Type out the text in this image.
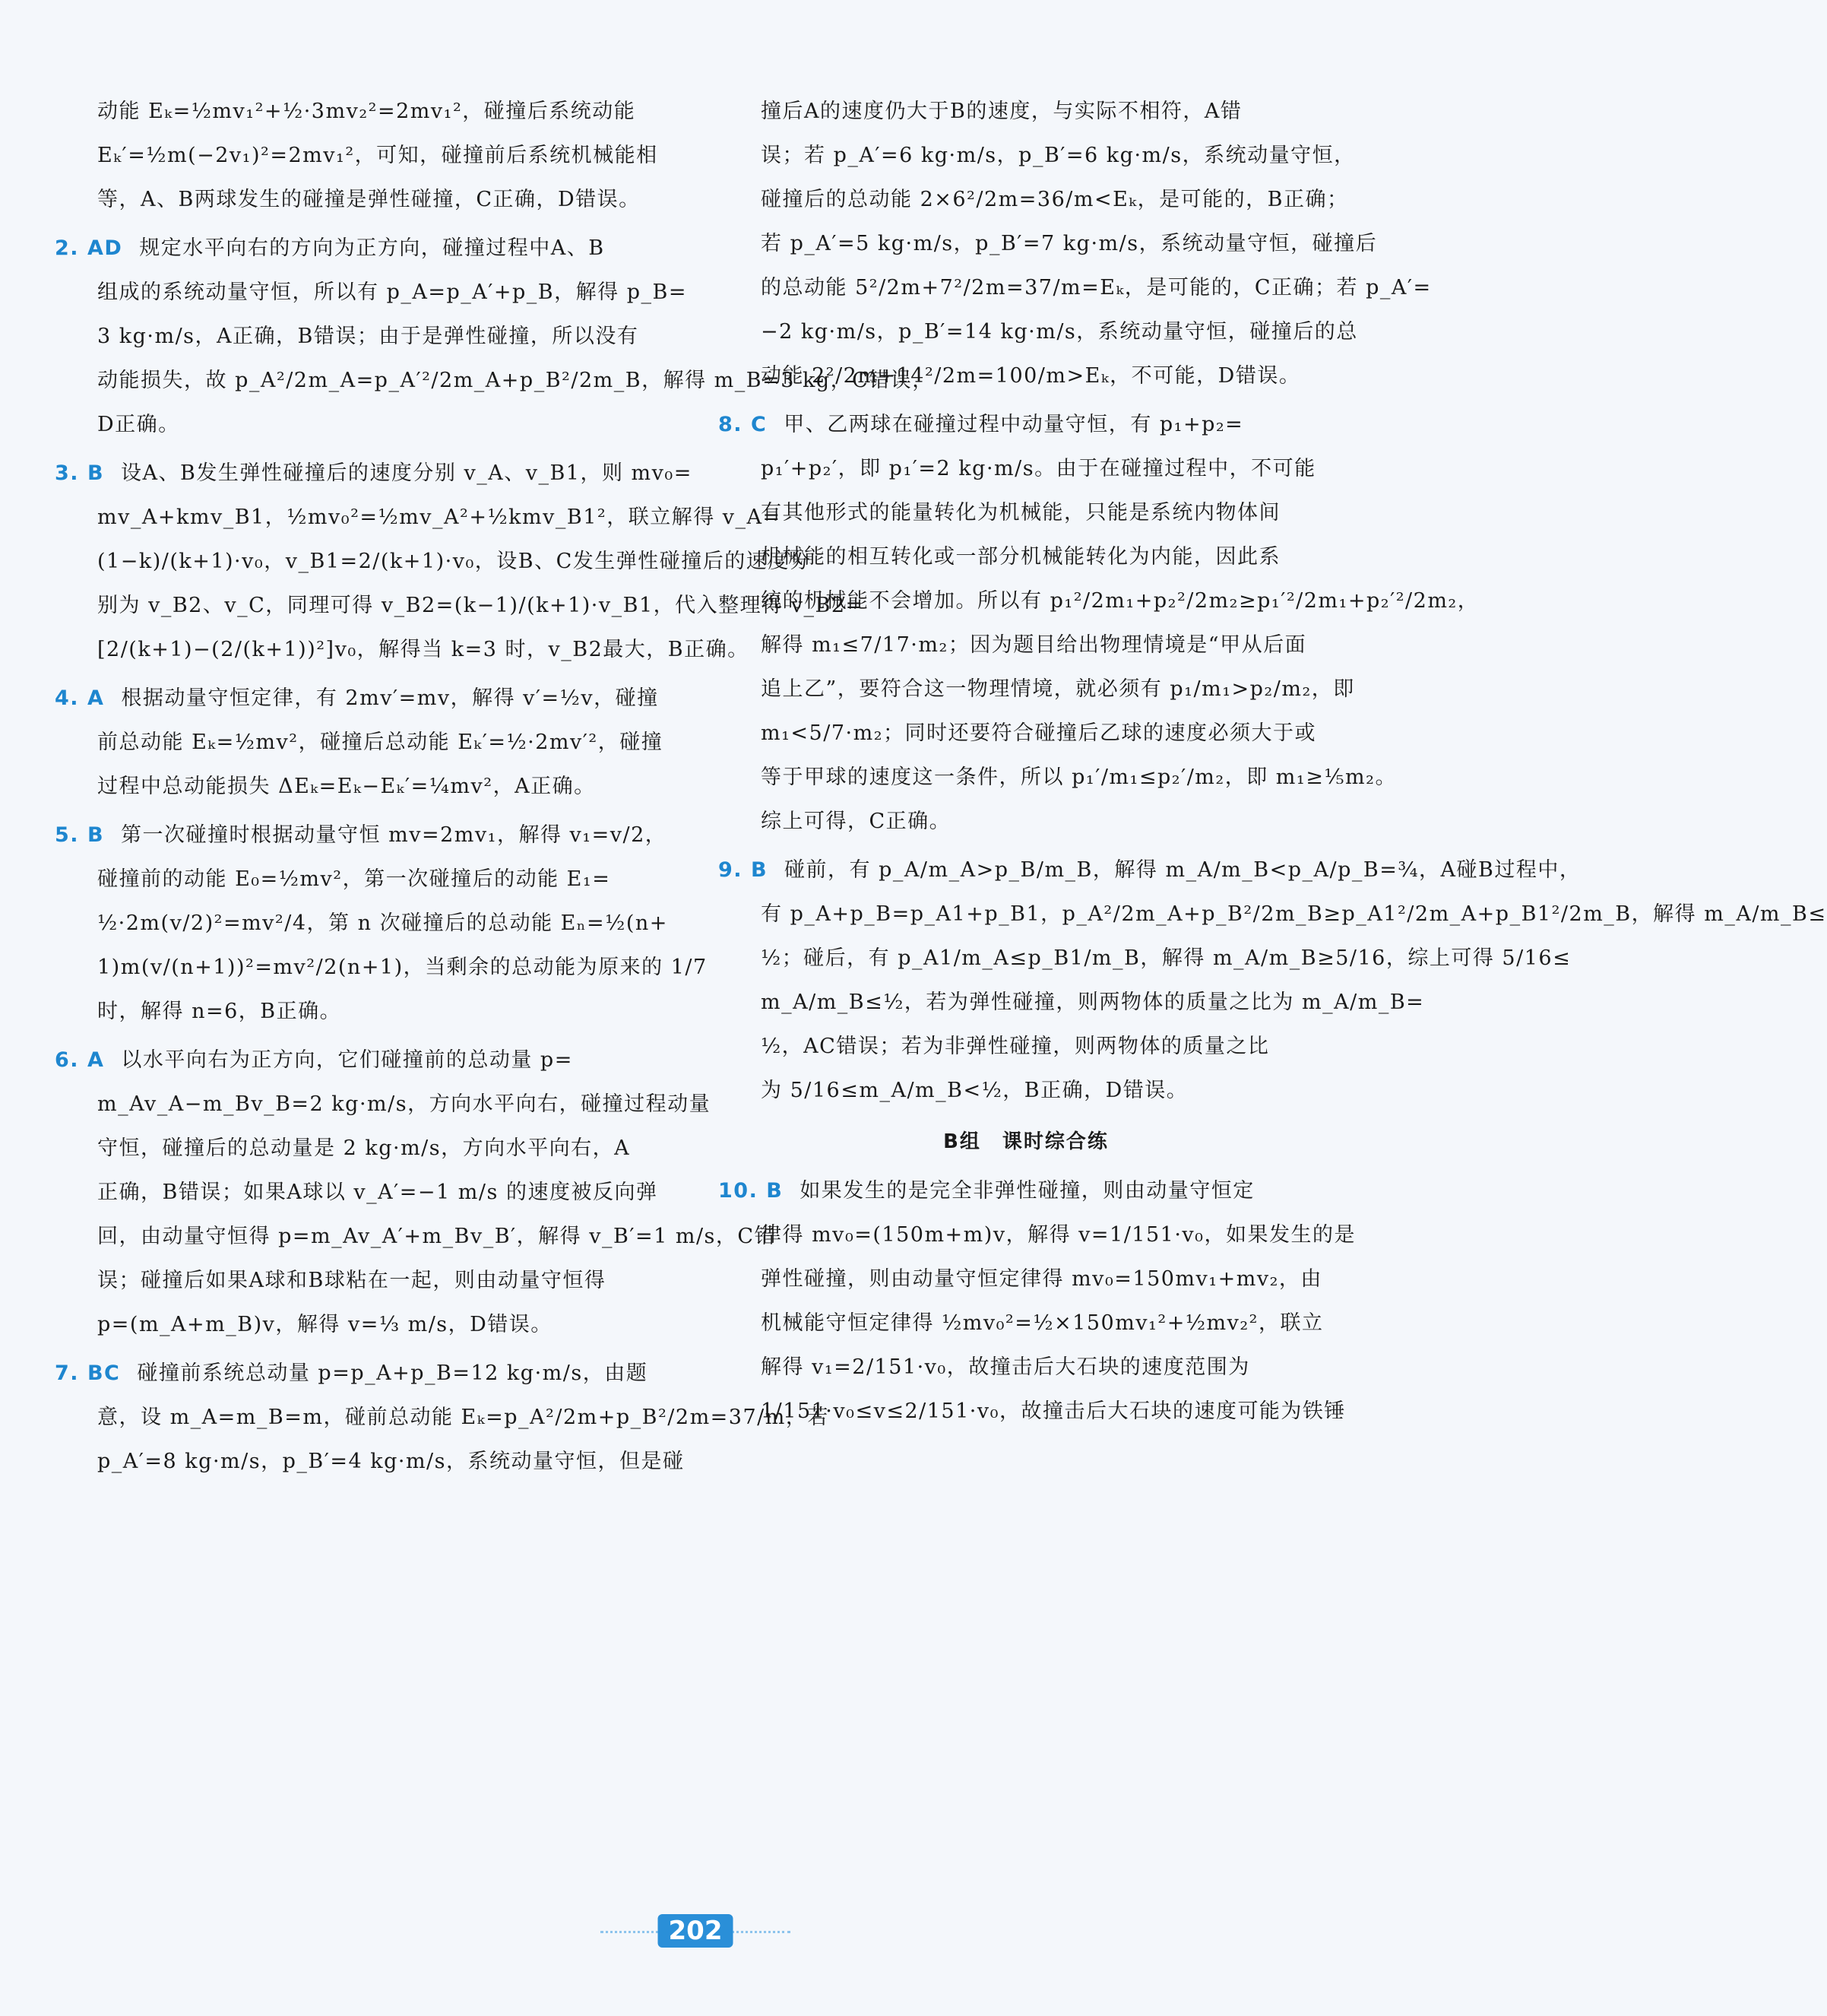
动能 Eₖ=½mv₁²+½·3mv₂²=2mv₁²，碰撞后系统动能
Eₖ′=½m(−2v₁)²=2mv₁²，可知，碰撞前后系统机械能相
等，A、B两球发生的碰撞是弹性碰撞，C正确，D错误。
2. AD 规定水平向右的方向为正方向，碰撞过程中A、B
组成的系统动量守恒，所以有 p_A=p_A′+p_B，解得 p_B=
3 kg·m/s，A正确，B错误；由于是弹性碰撞，所以没有
动能损失，故 p_A²/2m_A=p_A′²/2m_A+p_B²/2m_B，解得 m_B=3 kg，C错误，
D正确。
3. B 设A、B发生弹性碰撞后的速度分别 v_A、v_B1，则 mv₀=
mv_A+kmv_B1，½mv₀²=½mv_A²+½kmv_B1²，联立解得 v_A=
(1−k)/(k+1)·v₀，v_B1=2/(k+1)·v₀，设B、C发生弹性碰撞后的速度分
别为 v_B2、v_C，同理可得 v_B2=(k−1)/(k+1)·v_B1，代入整理得 v_B2=
[2/(k+1)−(2/(k+1))²]v₀，解得当 k=3 时，v_B2最大，B正确。
4. A 根据动量守恒定律，有 2mv′=mv，解得 v′=½v，碰撞
前总动能 Eₖ=½mv²，碰撞后总动能 Eₖ′=½·2mv′²，碰撞
过程中总动能损失 ΔEₖ=Eₖ−Eₖ′=¼mv²，A正确。
5. B 第一次碰撞时根据动量守恒 mv=2mv₁，解得 v₁=v/2，
碰撞前的动能 E₀=½mv²，第一次碰撞后的动能 E₁=
½·2m(v/2)²=mv²/4，第 n 次碰撞后的总动能 Eₙ=½(n+
1)m(v/(n+1))²=mv²/2(n+1)，当剩余的总动能为原来的 1/7
时，解得 n=6，B正确。
6. A 以水平向右为正方向，它们碰撞前的总动量 p=
m_Av_A−m_Bv_B=2 kg·m/s，方向水平向右，碰撞过程动量
守恒，碰撞后的总动量是 2 kg·m/s，方向水平向右，A
正确，B错误；如果A球以 v_A′=−1 m/s 的速度被反向弹
回，由动量守恒得 p=m_Av_A′+m_Bv_B′，解得 v_B′=1 m/s，C错
误；碰撞后如果A球和B球粘在一起，则由动量守恒得
p=(m_A+m_B)v，解得 v=⅓ m/s，D错误。
7. BC 碰撞前系统总动量 p=p_A+p_B=12 kg·m/s，由题
意，设 m_A=m_B=m，碰前总动能 Eₖ=p_A²/2m+p_B²/2m=37/m，若
p_A′=8 kg·m/s，p_B′=4 kg·m/s，系统动量守恒，但是碰
撞后A的速度仍大于B的速度，与实际不相符，A错
误；若 p_A′=6 kg·m/s，p_B′=6 kg·m/s，系统动量守恒，
碰撞后的总动能 2×6²/2m=36/m<Eₖ，是可能的，B正确；
若 p_A′=5 kg·m/s，p_B′=7 kg·m/s，系统动量守恒，碰撞后
的总动能 5²/2m+7²/2m=37/m=Eₖ，是可能的，C正确；若 p_A′=
−2 kg·m/s，p_B′=14 kg·m/s，系统动量守恒，碰撞后的总
动能 2²/2m+14²/2m=100/m>Eₖ，不可能，D错误。
8. C 甲、乙两球在碰撞过程中动量守恒，有 p₁+p₂=
p₁′+p₂′，即 p₁′=2 kg·m/s。由于在碰撞过程中，不可能
有其他形式的能量转化为机械能，只能是系统内物体间
机械能的相互转化或一部分机械能转化为内能，因此系
统的机械能不会增加。所以有 p₁²/2m₁+p₂²/2m₂≥p₁′²/2m₁+p₂′²/2m₂，
解得 m₁≤7/17·m₂；因为题目给出物理情境是“甲从后面
追上乙”，要符合这一物理情境，就必须有 p₁/m₁>p₂/m₂，即
m₁<5/7·m₂；同时还要符合碰撞后乙球的速度必须大于或
等于甲球的速度这一条件，所以 p₁′/m₁≤p₂′/m₂，即 m₁≥⅕m₂。
综上可得，C正确。
9. B 碰前，有 p_A/m_A>p_B/m_B，解得 m_A/m_B<p_A/p_B=¾，A碰B过程中，
有 p_A+p_B=p_A1+p_B1，p_A²/2m_A+p_B²/2m_B≥p_A1²/2m_A+p_B1²/2m_B，解得 m_A/m_B≤
½；碰后，有 p_A1/m_A≤p_B1/m_B，解得 m_A/m_B≥5/16，综上可得 5/16≤
m_A/m_B≤½，若为弹性碰撞，则两物体的质量之比为 m_A/m_B=
½，AC错误；若为非弹性碰撞，则两物体的质量之比
为 5/16≤m_A/m_B<½，B正确，D错误。
B组　课时综合练
10. B 如果发生的是完全非弹性碰撞，则由动量守恒定
律得 mv₀=(150m+m)v，解得 v=1/151·v₀，如果发生的是
弹性碰撞，则由动量守恒定律得 mv₀=150mv₁+mv₂，由
机械能守恒定律得 ½mv₀²=½×150mv₁²+½mv₂²，联立
解得 v₁=2/151·v₀，故撞击后大石块的速度范围为
1/151·v₀≤v≤2/151·v₀，故撞击后大石块的速度可能为铁锤
202
